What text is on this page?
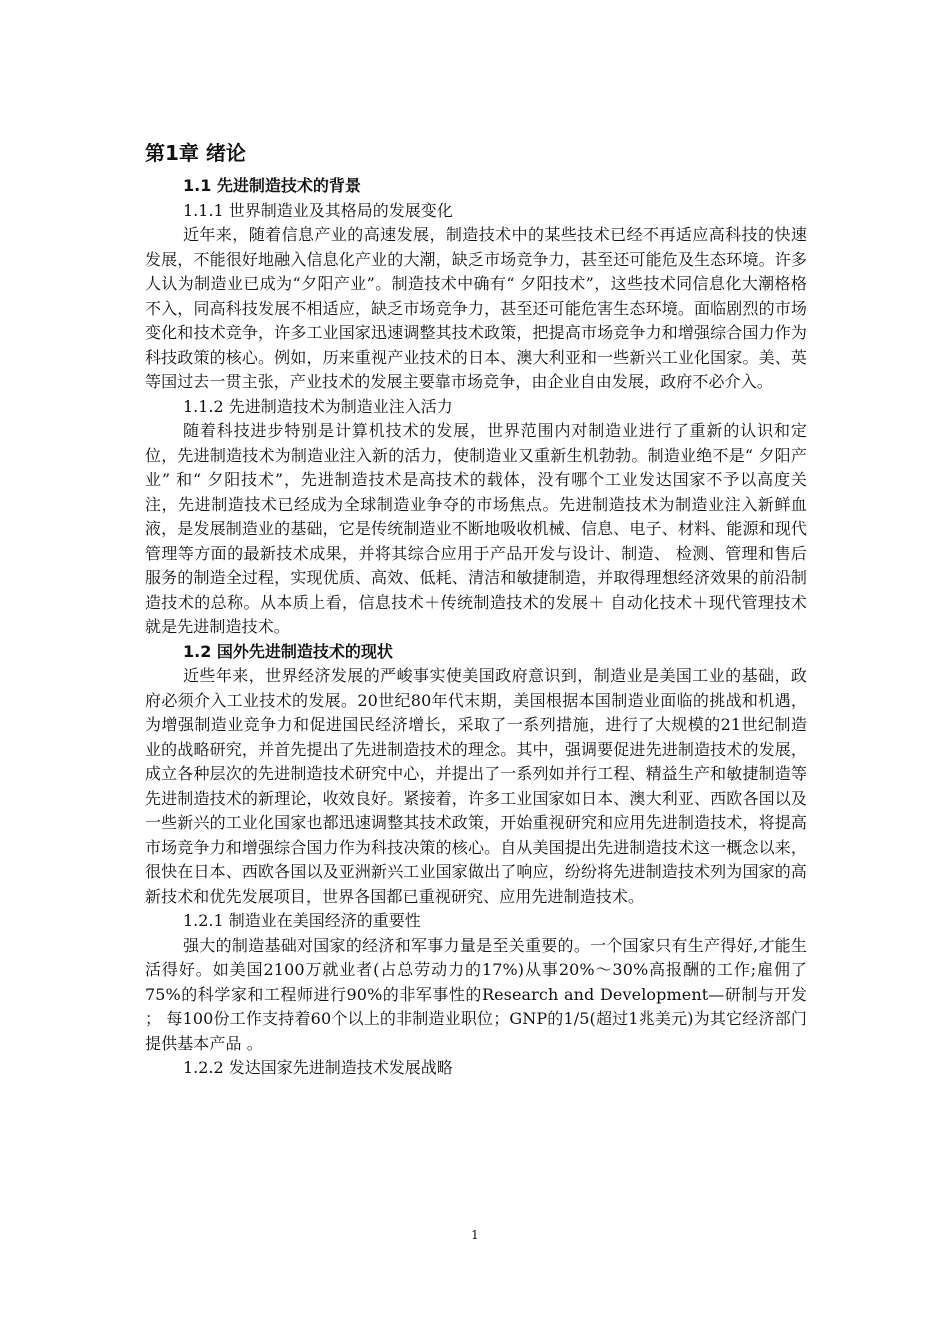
第1章 绪论
1.1 先进制造技术的背景
1.1.1 世界制造业及其格局的发展变化

近年来，随着信息产业的高速发展，制造技术中的某些技术已经不再适应高科技的快速发展，不能很好地融入信息化产业的大潮，缺乏市场竞争力，甚至还可能危及生态环境。许多人认为制造业已成为“夕阳产业”。制造技术中确有“ 夕阳技术”，这些技术同信息化大潮格格不入，同高科技发展不相适应，缺乏市场竞争力，甚至还可能危害生态环境。面临剧烈的市场变化和技术竞争，许多工业国家迅速调整其技术政策，把提高市场竞争力和增强综合国力作为科技政策的核心。例如，历来重视产业技术的日本、澳大利亚和一些新兴工业化国家。美、英等国过去一贯主张，产业技术的发展主要靠市场竞争，由企业自由发展，政府不必介入。

1.1.2 先进制造技术为制造业注入活力

随着科技进步特别是计算机技术的发展，世界范围内对制造业进行了重新的认识和定位，先进制造技术为制造业注入新的活力，使制造业又重新生机勃勃。制造业绝不是“ 夕阳产业” 和“ 夕阳技术”，先进制造技术是高技术的载体，没有哪个工业发达国家不予以高度关注，先进制造技术已经成为全球制造业争夺的市场焦点。先进制造技术为制造业注入新鲜血液，是发展制造业的基础，它是传统制造业不断地吸收机械、信息、电子、材料、能源和现代管理等方面的最新技术成果，并将其综合应用于产品开发与设计、制造、 检测、管理和售后服务的制造全过程，实现优质、高效、低耗、清洁和敏捷制造，并取得理想经济效果的前沿制造技术的总称。从本质上看，信息技术＋传统制造技术的发展＋ 自动化技术＋现代管理技术就是先进制造技术。

1.2 国外先进制造技术的现状

近些年来，世界经济发展的严峻事实使美国政府意识到，制造业是美国工业的基础，政府必须介入工业技术的发展。20世纪80年代末期，美国根据本国制造业面临的挑战和机遇，为增强制造业竞争力和促进国民经济增长，采取了一系列措施，进行了大规模的21世纪制造业的战略研究，并首先提出了先进制造技术的理念。其中，强调要促进先进制造技术的发展，成立各种层次的先进制造技术研究中心，并提出了一系列如并行工程、精益生产和敏捷制造等先进制造技术的新理论，收效良好。紧接着，许多工业国家如日本、澳大利亚、西欧各国以及一些新兴的工业化国家也都迅速调整其技术政策，开始重视研究和应用先进制造技术，将提高市场竞争力和增强综合国力作为科技决策的核心。自从美国提出先进制造技术这一概念以来，很快在日本、西欧各国以及亚洲新兴工业国家做出了响应，纷纷将先进制造技术列为国家的高新技术和优先发展项目，世界各国都已重视研究、应用先进制造技术。

1.2.1 制造业在美国经济的重要性

强大的制造基础对国家的经济和军事力量是至关重要的。一个国家只有生产得好,才能生活得好。如美国2100万就业者(占总劳动力的17%)从事20%～30%高报酬的工作;雇佣了75%的科学家和工程师进行90%的非军事性的Research and Development—研制与开发 ； 每100份工作支持着60个以上的非制造业职位；GNP的1/5(超过1兆美元)为其它经济部门提供基本产品 。

1.2.2 发达国家先进制造技术发展战略
1
